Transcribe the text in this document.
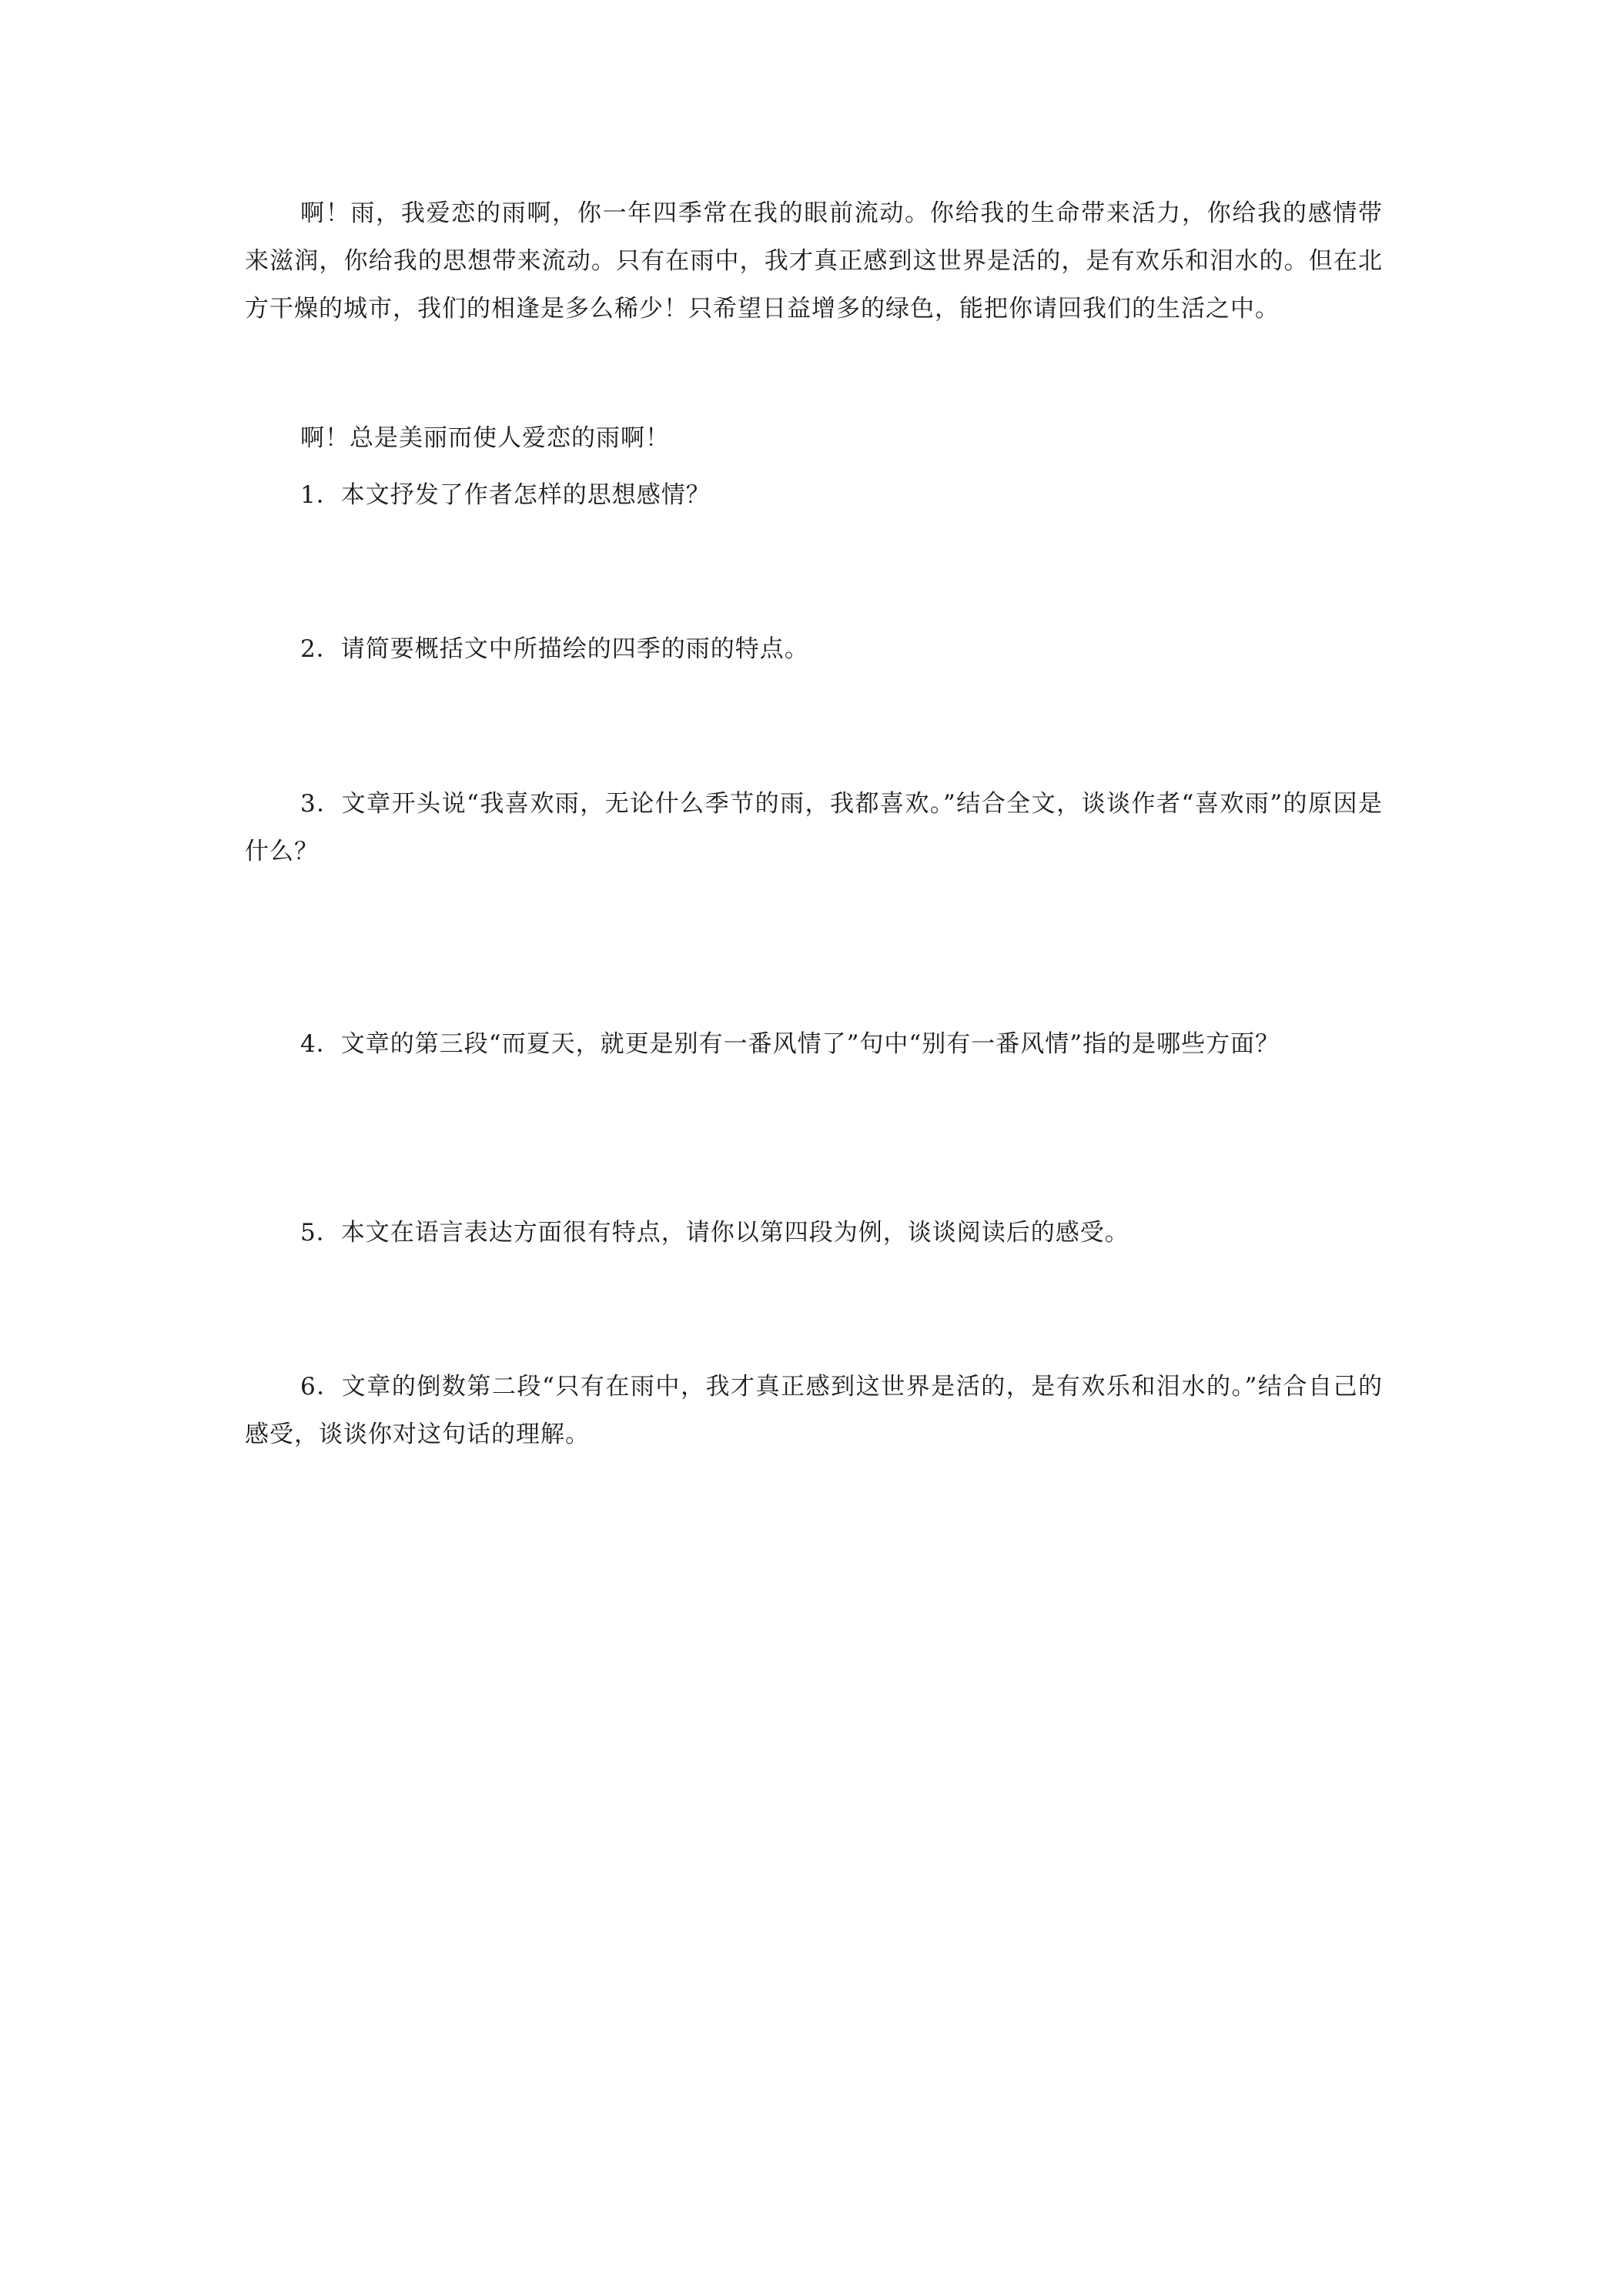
啊！雨，我爱恋的雨啊，你一年四季常在我的眼前流动。你给我的生命带来活力，你给我的感情带来滋润，你给我的思想带来流动。只有在雨中，我才真正感到这世界是活的，是有欢乐和泪水的。但在北方干燥的城市，我们的相逢是多么稀少！只希望日益增多的绿色，能把你请回我们的生活之中。

啊！总是美丽而使人爱恋的雨啊！

1．本文抒发了作者怎样的思想感情？

2．请简要概括文中所描绘的四季的雨的特点。

3．文章开头说“我喜欢雨，无论什么季节的雨，我都喜欢。”结合全文，谈谈作者“喜欢雨”的原因是什么？

4．文章的第三段“而夏天，就更是别有一番风情了”句中“别有一番风情”指的是哪些方面？

5．本文在语言表达方面很有特点，请你以第四段为例，谈谈阅读后的感受。

6．文章的倒数第二段“只有在雨中，我才真正感到这世界是活的，是有欢乐和泪水的。”结合自己的感受，谈谈你对这句话的理解。
